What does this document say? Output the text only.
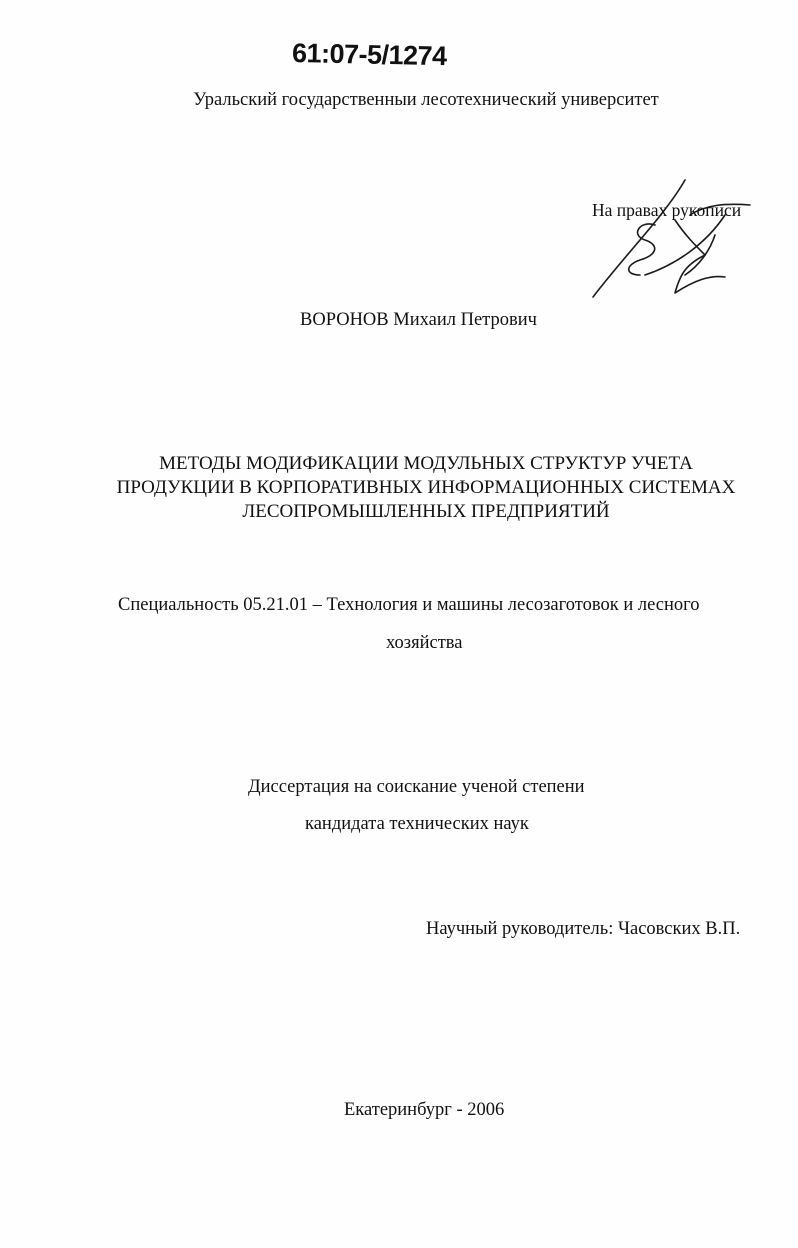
61:07-5/1274
Уральский государственныи лесотехнический университет
На правах рукописи
ВОРОНОВ Михаил Петрович
МЕТОДЫ МОДИФИКАЦИИ МОДУЛЬНЫХ СТРУКТУР УЧЕТА
ПРОДУКЦИИ В КОРПОРАТИВНЫХ ИНФОРМАЦИОННЫХ СИСТЕМАХ
ЛЕСОПРОМЫШЛЕННЫХ ПРЕДПРИЯТИЙ
Специальность 05.21.01 – Технология и машины лесозаготовок и лесного
хозяйства
Диссертация на соискание ученой степени
кандидата технических наук
Научный руководитель: Часовских В.П.
Екатеринбург - 2006
